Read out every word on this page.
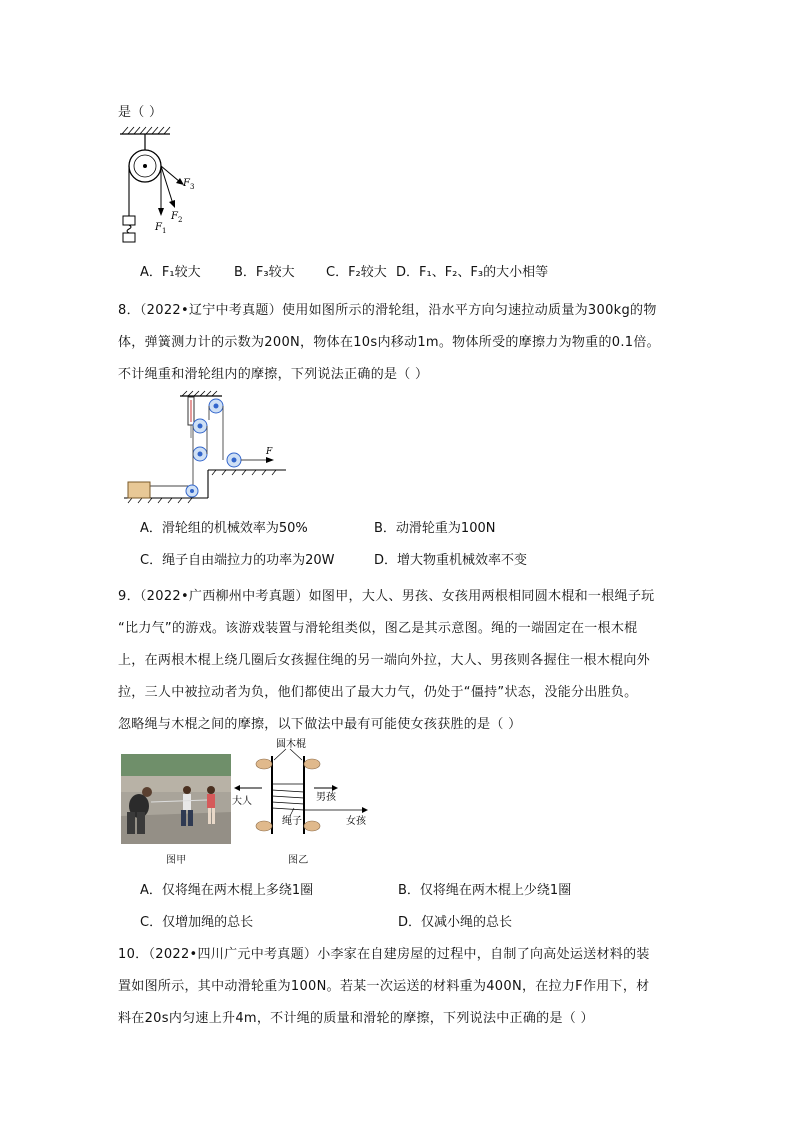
是（ ）
F 1
F 2
F 3
A．F₁较大	B．F₃较大 C．F₂较大 D．F₁、F₂、F₃的大小相等
8．（2022•辽宁中考真题）使用如图所示的滑轮组，沿水平方向匀速拉动质量为300kg的物
体，弹簧测力计的示数为200N，物体在10s内移动1m。物体所受的摩擦力为物重的0.1倍。
不计绳重和滑轮组内的摩擦，下列说法正确的是（ ）
F
A．滑轮组的机械效率为50%	B．动滑轮重为100N
C．绳子自由端拉力的功率为20W	D．增大物重机械效率不变
9．（2022•广西柳州中考真题）如图甲，大人、男孩、女孩用两根相同圆木棍和一根绳子玩
“比力气”的游戏。该游戏装置与滑轮组类似，图乙是其示意图。绳的一端固定在一根木棍
上，在两根木棍上绕几圈后女孩握住绳的另一端向外拉，大人、男孩则各握住一根木棍向外
拉，三人中被拉动者为负，他们都使出了最大力气，仍处于“僵持”状态，没能分出胜负。
忽略绳与木棍之间的摩擦，以下做法中最有可能使女孩获胜的是（ ）
圆木棍
大人	男孩
女孩
绳子
图甲	图乙
A．仅将绳在两木棍上多绕1圈	B．仅将绳在两木棍上少绕1圈
C．仅增加绳的总长	D．仅减小绳的总长
10．（2022•四川广元中考真题）小李家在自建房屋的过程中，自制了向高处运送材料的装
置如图所示，其中动滑轮重为100N。若某一次运送的材料重为400N，在拉力F作用下，材
料在20s内匀速上升4m，不计绳的质量和滑轮的摩擦，下列说法中正确的是（ ）
